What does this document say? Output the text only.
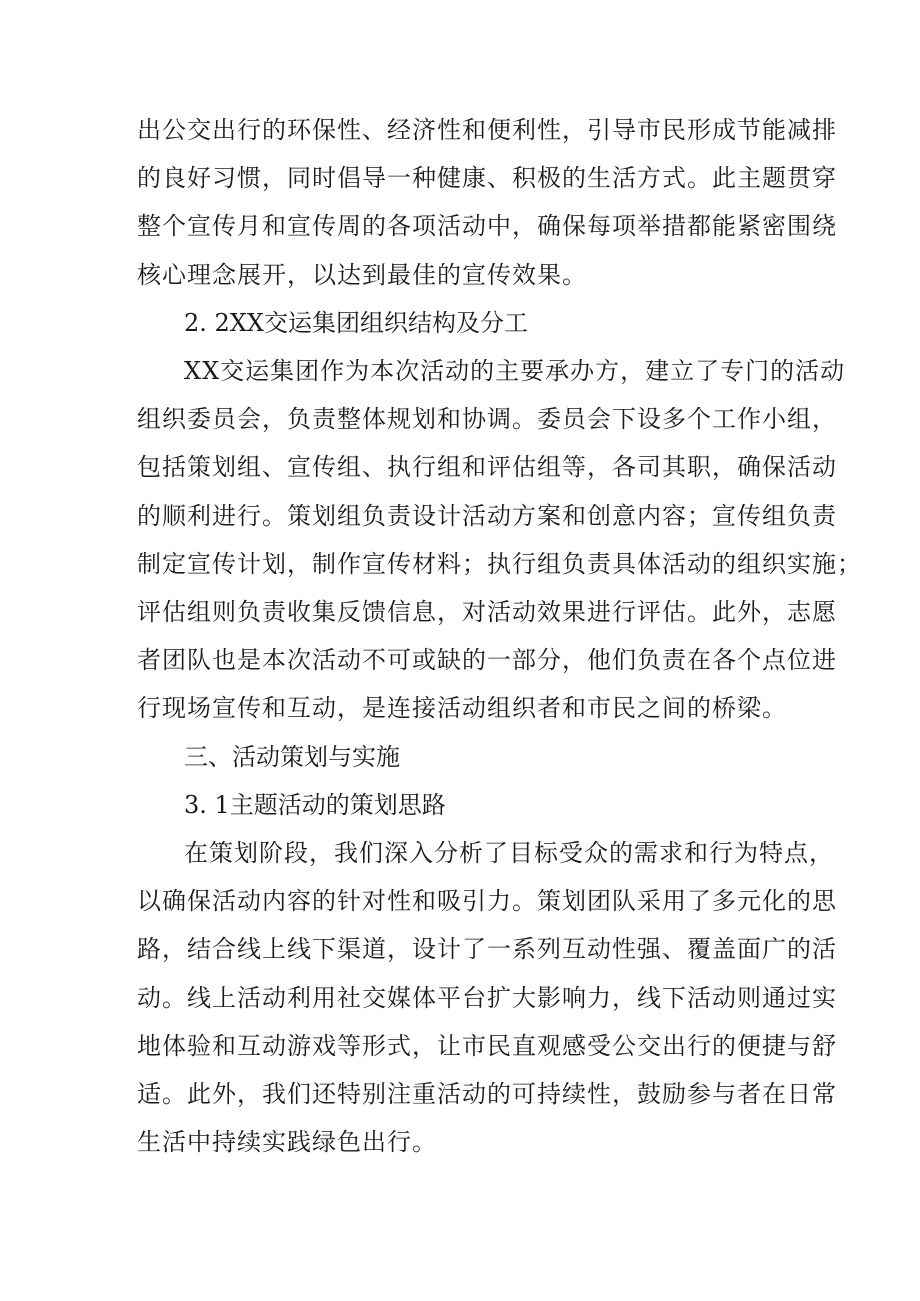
出公交出行的环保性、经济性和便利性，引导市民形成节能减排
的良好习惯，同时倡导一种健康、积极的生活方式。此主题贯穿
整个宣传月和宣传周的各项活动中，确保每项举措都能紧密围绕
核心理念展开，以达到最佳的宣传效果。

2. 2XX交运集团组织结构及分工

XX交运集团作为本次活动的主要承办方，建立了专门的活动
组织委员会，负责整体规划和协调。委员会下设多个工作小组，
包括策划组、宣传组、执行组和评估组等，各司其职，确保活动
的顺利进行。策划组负责设计活动方案和创意内容；宣传组负责
制定宣传计划，制作宣传材料；执行组负责具体活动的组织实施；
评估组则负责收集反馈信息，对活动效果进行评估。此外，志愿
者团队也是本次活动不可或缺的一部分，他们负责在各个点位进
行现场宣传和互动，是连接活动组织者和市民之间的桥梁。

三、活动策划与实施

3. 1主题活动的策划思路

在策划阶段，我们深入分析了目标受众的需求和行为特点，
以确保活动内容的针对性和吸引力。策划团队采用了多元化的思
路，结合线上线下渠道，设计了一系列互动性强、覆盖面广的活
动。线上活动利用社交媒体平台扩大影响力，线下活动则通过实
地体验和互动游戏等形式，让市民直观感受公交出行的便捷与舒
适。此外，我们还特别注重活动的可持续性，鼓励参与者在日常
生活中持续实践绿色出行。
